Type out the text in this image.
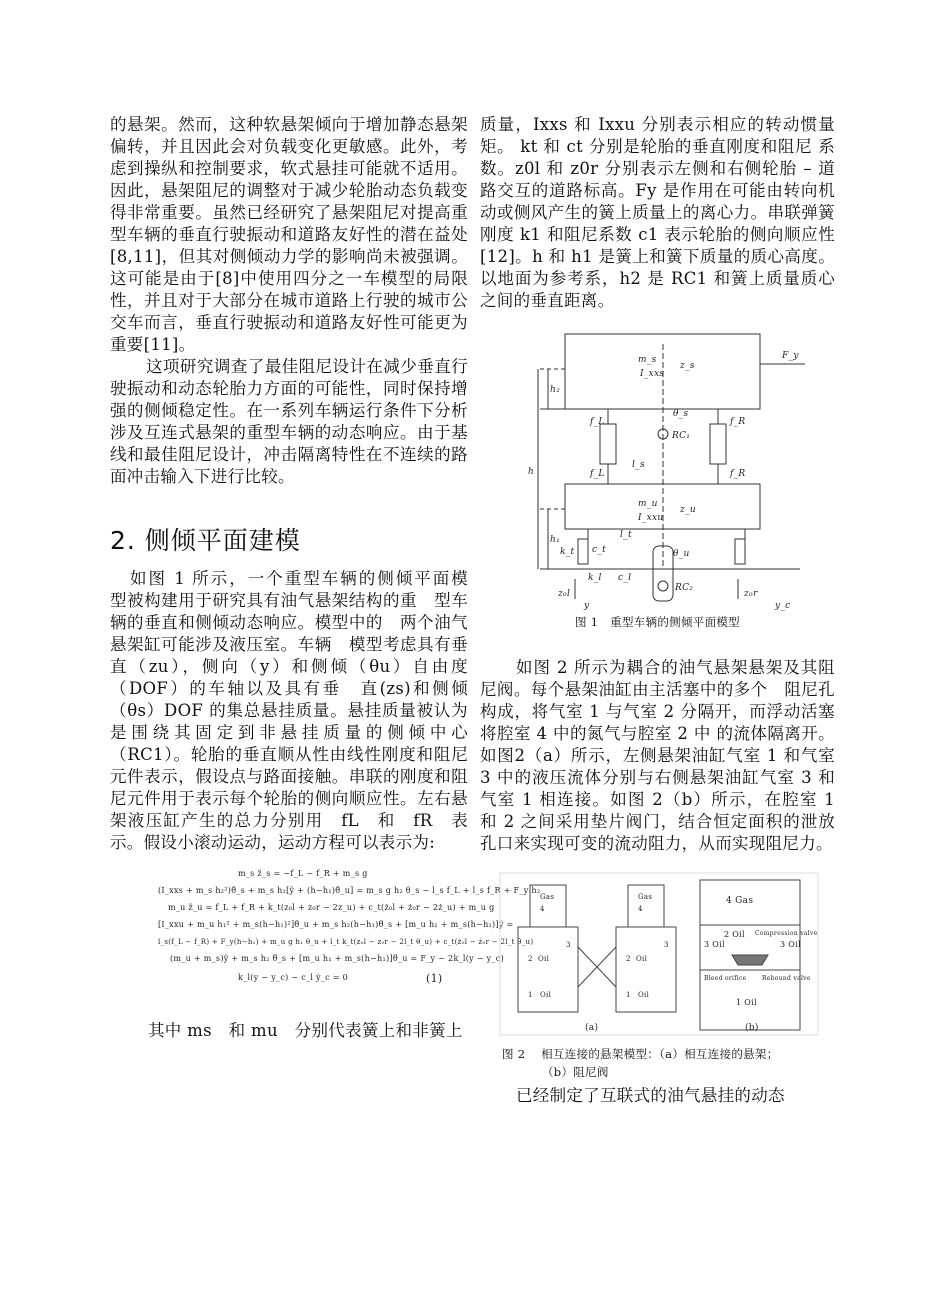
的悬架。然而，这种软悬架倾向于增加静态悬架偏转，并且因此会对负载变化更敏感。此外，考虑到操纵和控制要求，软式悬挂可能就不适用。因此，悬架阻尼的调整对于减少轮胎动态负载变得非常重要。虽然已经研究了悬架阻尼对提高重型车辆的垂直行驶振动和道路友好性的潜在益处[8,11]，但其对侧倾动力学的影响尚未被强调。这可能是由于[8]中使用四分之一车模型的局限性，并且对于大部分在城市道路上行驶的城市公交车而言，垂直行驶振动和道路友好性可能更为重要[11]。

这项研究调查了最佳阻尼设计在减少垂直行驶振动和动态轮胎力方面的可能性，同时保持增强的侧倾稳定性。在一系列车辆运行条件下分析涉及互连式悬架的重型车辆的动态响应。由于基线和最佳阻尼设计，冲击隔离特性在不连续的路面冲击输入下进行比较。

2. 侧倾平面建模

如图 1 所示，一个重型车辆的侧倾平面模　型被构建用于研究具有油气悬架结构的重　型车辆的垂直和侧倾动态响应。模型中的　两个油气悬架缸可能涉及液压室。车辆　模型考虑具有垂直（zu），侧向（y）和侧倾（θu）自由度（DOF）的车轴以及具有垂　直(zs)和侧倾（θs）DOF 的集总悬挂质量。悬挂质量被认为是围绕其固定到非悬挂质量的侧倾中心（RC1）。轮胎的垂直顺从性由线性刚度和阻尼元件表示，假设点与路面接触。串联的刚度和阻尼元件用于表示每个轮胎的侧向顺应性。左右悬架液压缸产生的总力分别用　fL　和　fR　表示。假设小滚动运动，运动方程可以表示为:

m_s z̈_s = −f_L − f_R + m_s g
(I_xxs + m_s h₂²)θ̈_s + m_s h₂[ÿ + (h−h₁)θ̈_u] = m_s g h₂ θ_s − l_s f_L + l_s f_R + F_y h₂
m_u z̈_u = f_L + f_R + k_t(z₀l + z₀r − 2z_u) + c_t(ż₀l + ż₀r − 2ż_u) + m_u g
[I_xxu + m_u h₁² + m_s(h−h₁)²]θ̈_u + m_s h₂(h−h₁)θ̈_s + [m_u h₁ + m_s(h−h₁)]ÿ =
l_s(f_L − f_R) + F_y(h−h₁) + m_u g h₁ θ_u + l_t k_t(z₀l − z₀r − 2l_t θ_u) + c_t(ż₀l − ż₀r − 2l_t θ̇_u)
(m_u + m_s)ÿ + m_s h₂ θ̈_s + [m_u h₁ + m_s(h−h₁)]θ̈_u = F_y − 2k_l(y − y_c)
k_l(y − y_c) − c_l ẏ_c = 0	(1)

其中 ms　和 mu　分别代表簧上和非簧上

质量，Ixxs 和 Ixxu 分别表示相应的转动惯量矩。 kt 和 ct 分别是轮胎的垂直刚度和阻尼 系数。z0l 和 z0r 分别表示左侧和右侧轮胎 – 道路交互的道路标高。Fy 是作用在可能由转向机动或侧风产生的簧上质量上的离心力。串联弹簧刚度 k1 和阻尼系数 c1 表示轮胎的侧向顺应性[12]。h 和 h1 是簧上和簧下质量的质心高度。以地面为参考系，h2 是 RC1 和簧上质量质心之间的垂直距离。

m_s
I_xxs
z_s
F_y
h₂
h
h₁
f_L	f_R
f_L	f_R
θ_s
RC₁
l_s
m_u
I_xxu
z_u
l_t
θ_u
RC₂
k_t c_t
k_l c_l
z₀l	z₀r
y	y_c
图 1　重型车辆的侧倾平面模型

如图 2 所示为耦合的油气悬架悬架及其阻尼阀。每个悬架油缸由主活塞中的多个　阻尼孔构成，将气室 1 与气室 2 分隔开，而浮动活塞将腔室 4 中的氮气与腔室 2 中 的流体隔离开。如图2（a）所示，左侧悬架油缸气室 1 和气室 3 中的液压流体分别与右侧悬架油缸气室 3 和气室 1 相连接。如图 2（b）所示，在腔室 1 和 2 之间采用垫片阀门，结合恒定面积的泄放孔口来实现可变的流动阻力，从而实现阻尼力。

Gas
4
2 Oil
3
1 Oil
Gas
4
2 Oil
3
1 Oil
4 Gas
2 Oil
3 Oil	3 Oil
Compression valve
Bleed orifice	Rebound valve
1 Oil
(a)	(b)
图 2　 相互连接的悬架模型：（a）相互连接的悬架；
（b）阻尼阀

已经制定了互联式的油气悬挂的动态
